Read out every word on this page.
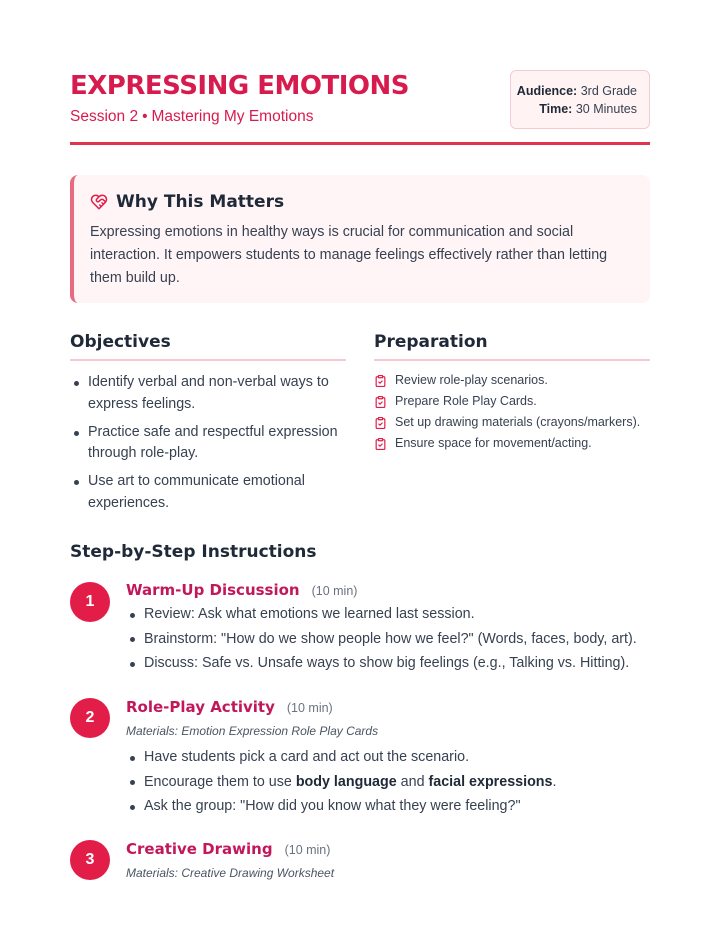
EXPRESSING EMOTIONS
Session 2 • Mastering My Emotions
Audience: 3rd Grade
Time: 30 Minutes
Why This Matters
Expressing emotions in healthy ways is crucial for communication and social interaction. It empowers students to manage feelings effectively rather than letting them build up.
Objectives
Identify verbal and non-verbal ways to express feelings.
Practice safe and respectful expression through role-play.
Use art to communicate emotional experiences.
Preparation
Review role-play scenarios.
Prepare Role Play Cards.
Set up drawing materials (crayons/markers).
Ensure space for movement/acting.
Step-by-Step Instructions
1
Warm-Up Discussion (10 min)
Review: Ask what emotions we learned last session.
Brainstorm: "How do we show people how we feel?" (Words, faces, body, art).
Discuss: Safe vs. Unsafe ways to show big feelings (e.g., Talking vs. Hitting).
2
Role-Play Activity (10 min)
Materials: Emotion Expression Role Play Cards
Have students pick a card and act out the scenario.
Encourage them to use body language and facial expressions.
Ask the group: "How did you know what they were feeling?"
3
Creative Drawing (10 min)
Materials: Creative Drawing Worksheet
